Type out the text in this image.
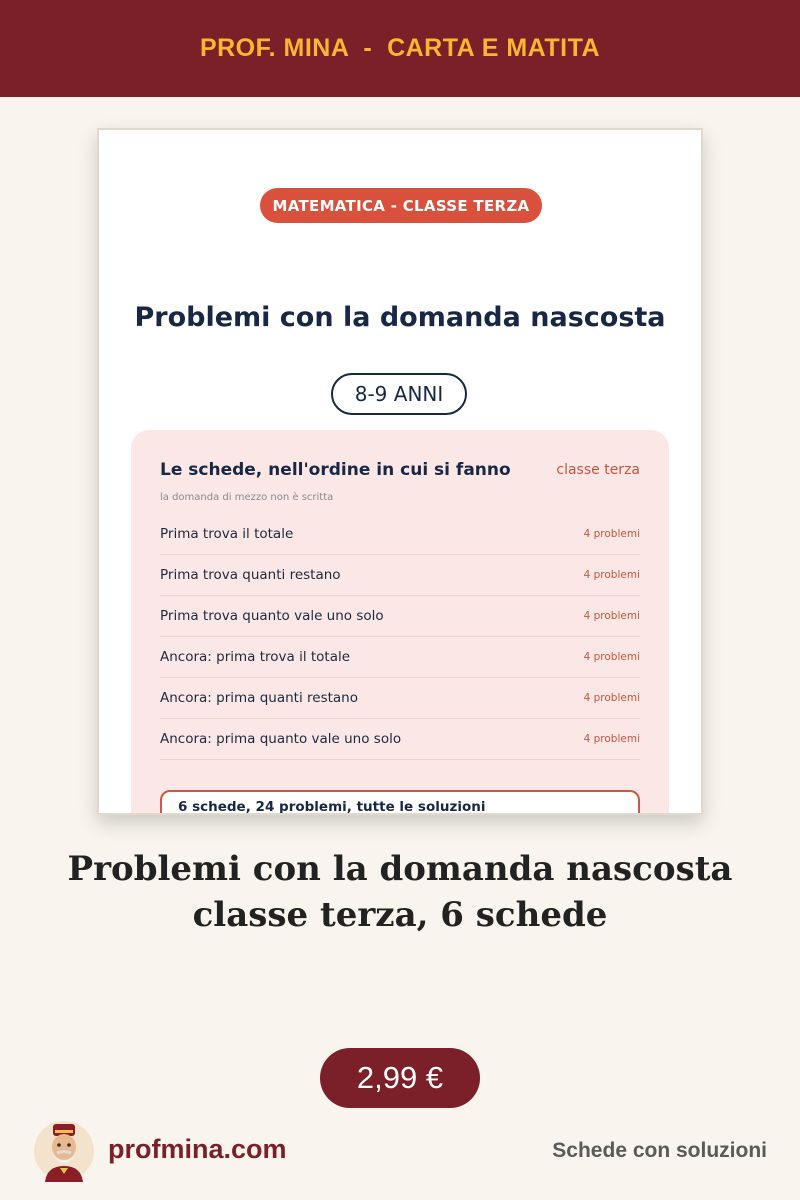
PROF. MINA  -  CARTA E MATITA
MATEMATICA - CLASSE TERZA
Problemi con la domanda nascosta
8-9 ANNI
Le schede, nell'ordine in cui si fanno	classe terza
la domanda di mezzo non è scritta
Prima trova il totale	4 problemi
Prima trova quanti restano	4 problemi
Prima trova quanto vale uno solo	4 problemi
Ancora: prima trova il totale	4 problemi
Ancora: prima quanti restano	4 problemi
Ancora: prima quanto vale uno solo	4 problemi
6 schede, 24 problemi, tutte le soluzioni
Problemi con la domanda nascosta
classe terza, 6 schede
2,99 €
profmina.com	Schede con soluzioni
